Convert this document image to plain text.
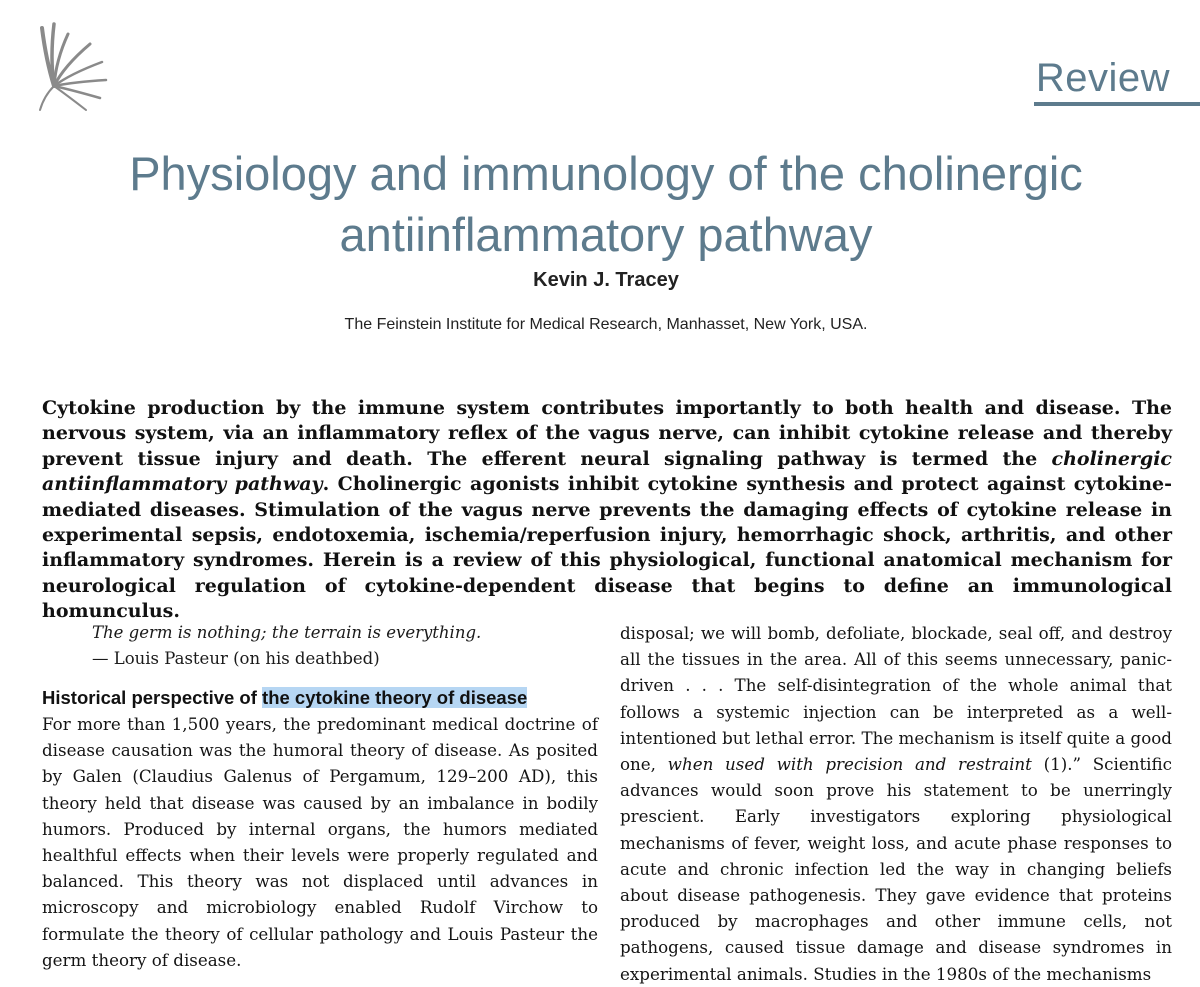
Review
Physiology and immunology of the cholinergic antiinflammatory pathway
Kevin J. Tracey
The Feinstein Institute for Medical Research, Manhasset, New York, USA.

Cytokine production by the immune system contributes importantly to both health and disease. The nervous system, via an inflammatory reflex of the vagus nerve, can inhibit cytokine release and thereby prevent tissue injury and death. The efferent neural signaling pathway is termed the cholinergic antiinflammatory pathway. Cholinergic agonists inhibit cytokine synthesis and protect against cytokine-mediated diseases. Stimulation of the vagus nerve prevents the damaging effects of cytokine release in experimental sepsis, endotoxemia, ischemia/reperfusion injury, hemorrhagic shock, arthritis, and other inflammatory syndromes. Herein is a review of this physiological, functional anatomical mechanism for neurological regulation of cytokine-dependent disease that begins to define an immunological homunculus.

The germ is nothing; the terrain is everything.
— Louis Pasteur (on his deathbed)
Historical perspective of the cytokine theory of disease

For more than 1,500 years, the predominant medical doctrine of disease causation was the humoral theory of disease. As posited by Galen (Claudius Galenus of Pergamum, 129–200 AD), this theory held that disease was caused by an imbalance in bodily humors. Produced by internal organs, the humors mediated healthful effects when their levels were properly regulated and balanced. This theory was not displaced until advances in microscopy and microbiology enabled Rudolf Virchow to formulate the theory of cellular pathology and Louis Pasteur the germ theory of disease.

disposal; we will bomb, defoliate, blockade, seal off, and destroy all the tissues in the area. All of this seems unnecessary, panic-driven . . . The self-disintegration of the whole animal that follows a systemic injection can be interpreted as a well-intentioned but lethal error. The mechanism is itself quite a good one, when used with precision and restraint (1).” Scientific advances would soon prove his statement to be unerringly prescient. Early investigators exploring physiological mechanisms of fever, weight loss, and acute phase responses to acute and chronic infection led the way in changing beliefs about disease pathogenesis. They gave evidence that proteins produced by macrophages and other immune cells, not pathogens, caused tissue damage and disease syndromes in experimental animals. Studies in the 1980s of the mechanisms
